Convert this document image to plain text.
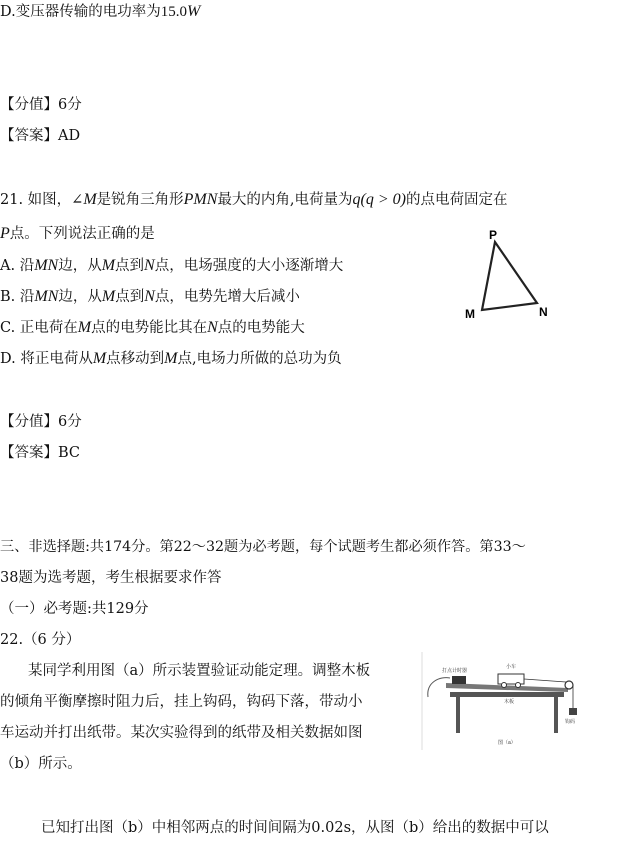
D.变压器传输的电功率为15.0W
【分值】6分
【答案】AD
21. 如图，∠M是锐角三角形PMN最大的内角,电荷量为q(q > 0)的点电荷固定在
P点。下列说法正确的是
A. 沿MN边，从M点到N点，电场强度的大小逐渐增大
B. 沿MN边，从M点到N点，电势先增大后减小
C. 正电荷在M点的电势能比其在N点的电势能大
D. 将正电荷从M点移动到M点,电场力所做的总功为负
P
M	N
【分值】6分
【答案】BC
三、非选择题:共174分。第22～32题为必考题，每个试题考生都必须作答。第33～
38题为选考题，考生根据要求作答
（一）必考题:共129分
22.（6 分）
某同学利用图（a）所示装置验证动能定理。调整木板
的倾角平衡摩擦时阻力后，挂上钩码，钩码下落，带动小
车运动并打出纸带。某次实验得到的纸带及相关数据如图
（b）所示。
打点计时器
小车
木板
钩码
图（a）
已知打出图（b）中相邻两点的时间间隔为0.02s，从图（b）给出的数据中可以
